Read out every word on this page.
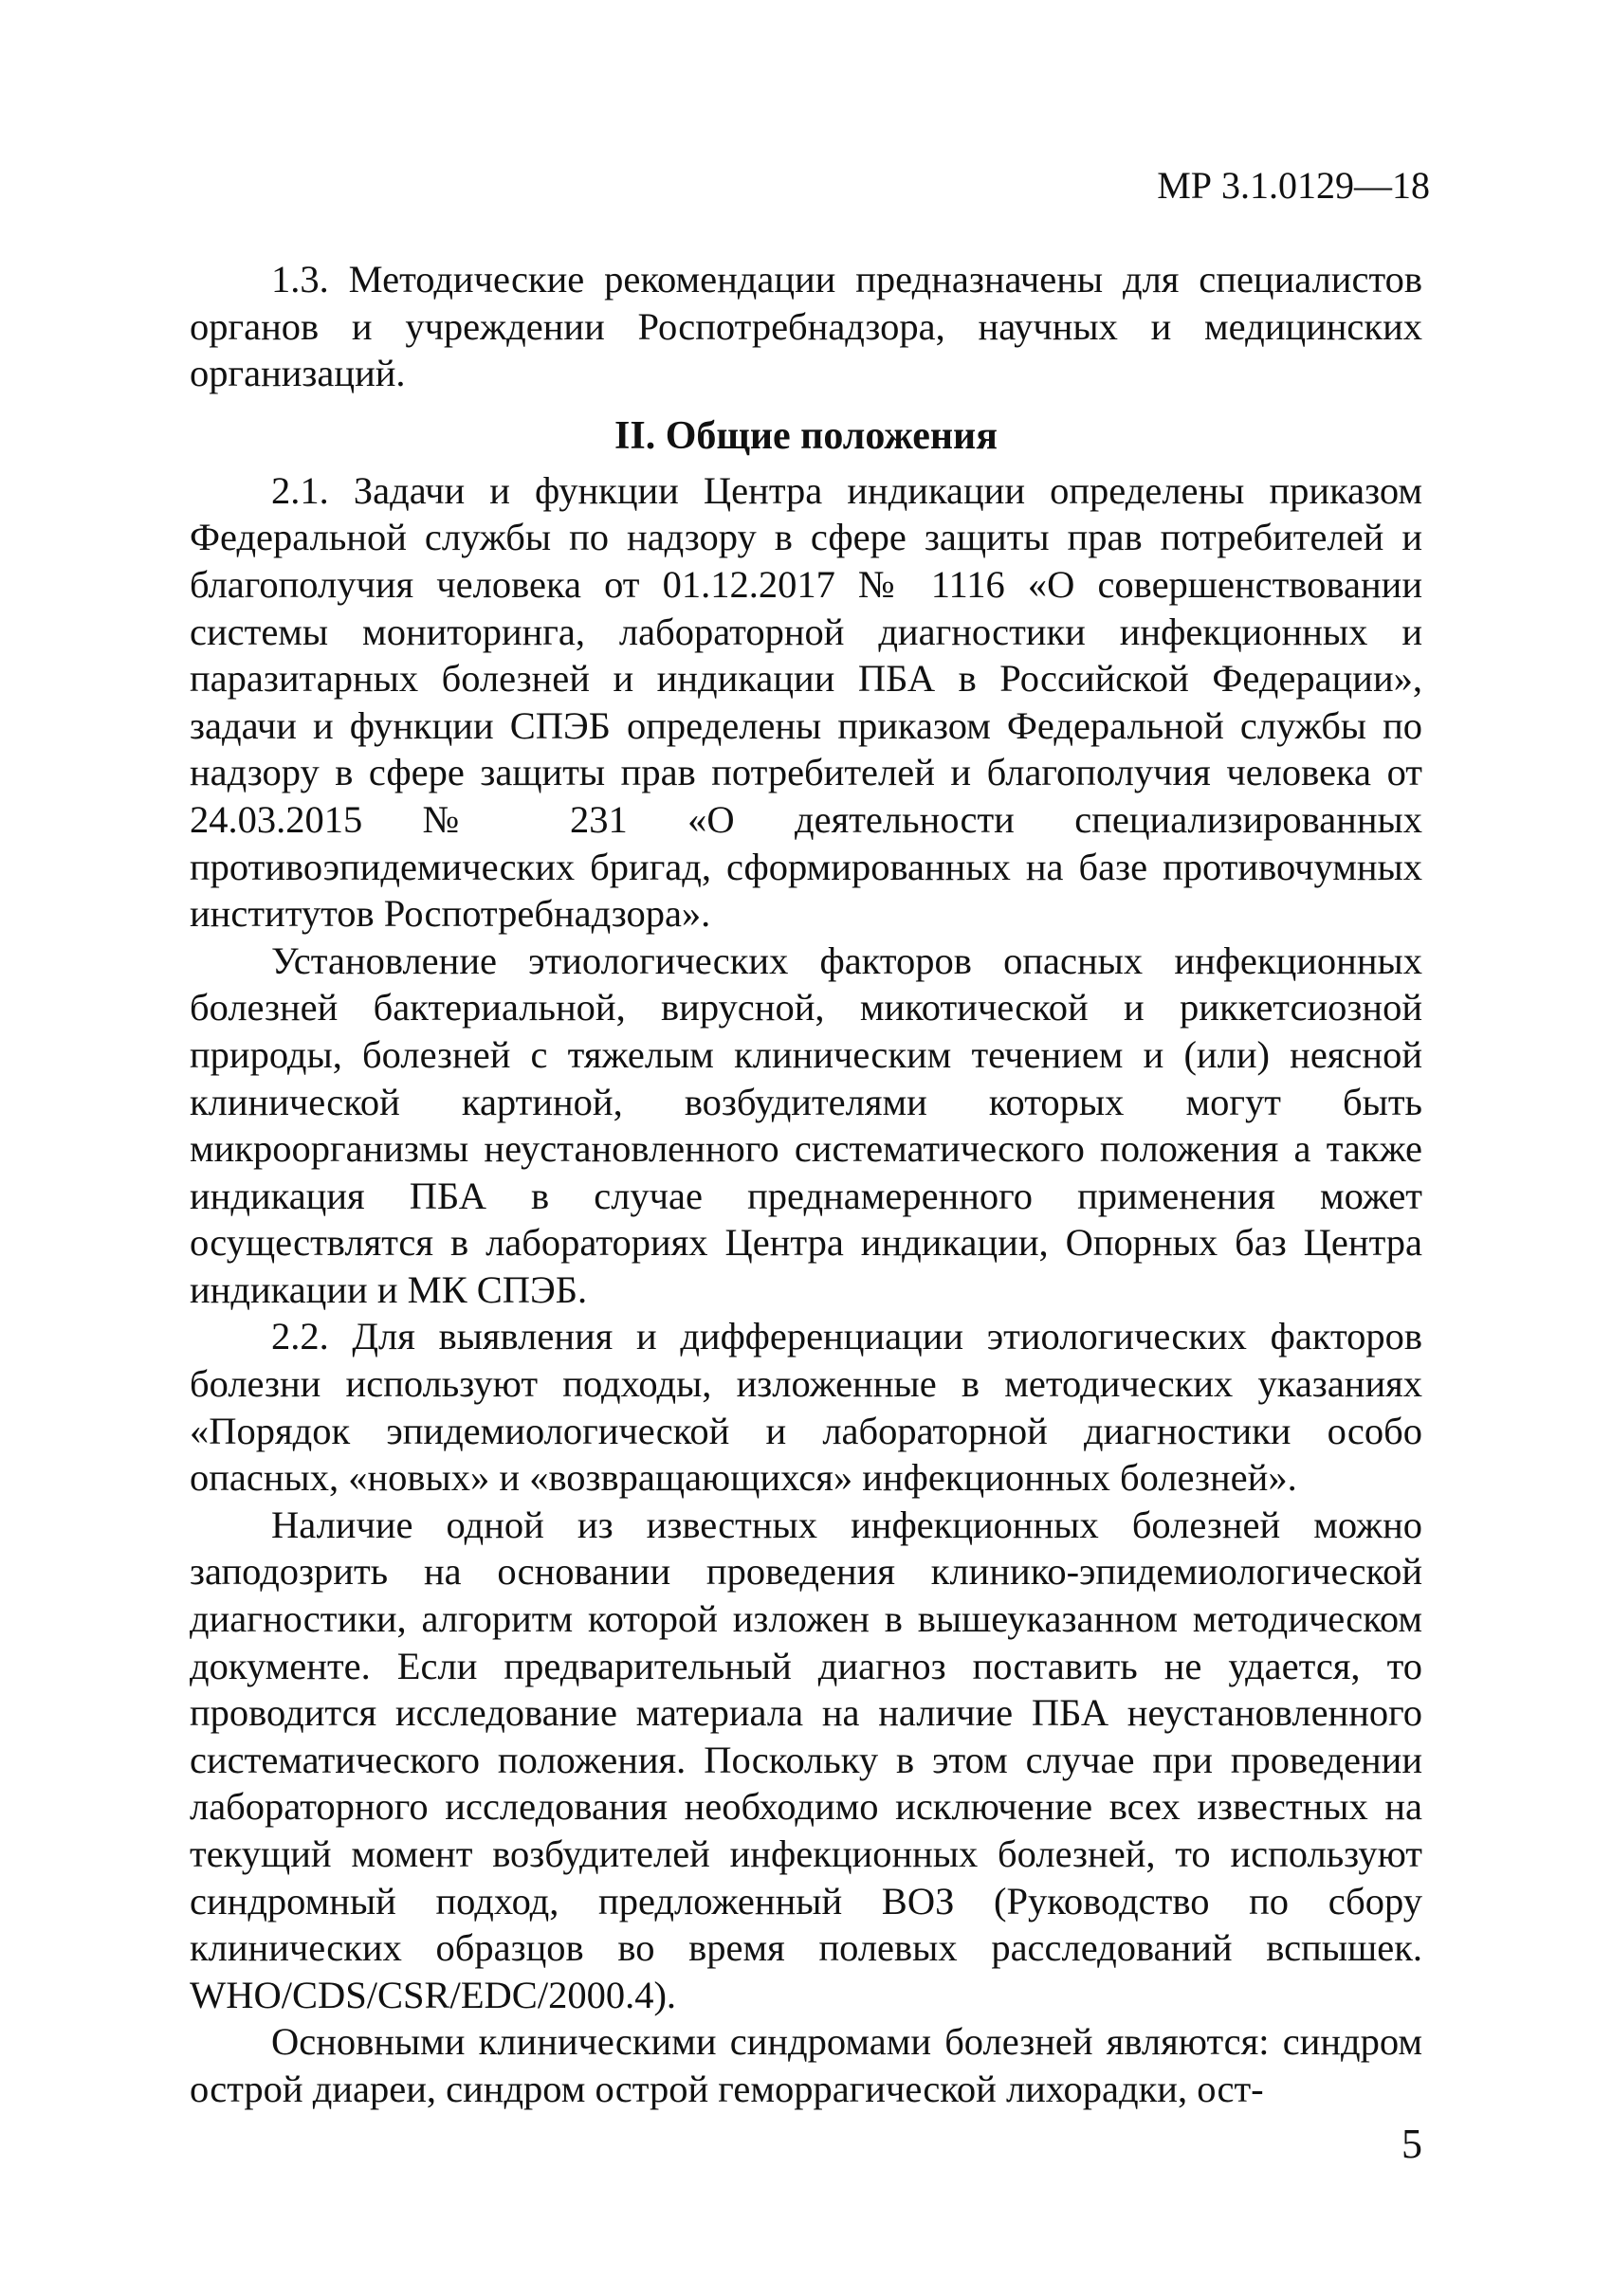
МР 3.1.0129—18

1.3. Методические рекомендации предназначены для специалистов органов и учреждении Роспотребнадзора, научных и медицинских организаций.

II. Общие положения

2.1. Задачи и функции Центра индикации определены приказом Федеральной службы по надзору в сфере защиты прав потребителей и благополучия человека от 01.12.2017 № 1116 «О совершенствовании системы мониторинга, лабораторной диагностики инфекционных и паразитарных болезней и индикации ПБА в Российской Федерации», задачи и функции СПЭБ определены приказом Федеральной службы по надзору в сфере защиты прав потребителей и благополучия человека от 24.03.2015 № 231 «О деятельности специализированных противоэпидемических бригад, сформированных на базе противочумных институтов Роспотребнадзора».

Установление этиологических факторов опасных инфекционных болезней бактериальной, вирусной, микотической и риккетсиозной природы, болезней с тяжелым клиническим течением и (или) неясной клинической картиной, возбудителями которых могут быть микроорганизмы неустановленного систематического положения а также индикация ПБА в случае преднамеренного применения может осуществлятся в лабораториях Центра индикации, Опорных баз Центра индикации и МК СПЭБ.

2.2. Для выявления и дифференциации этиологических факторов болезни используют подходы, изложенные в методических указаниях «Порядок эпидемиологической и лабораторной диагностики особо опасных, «новых» и «возвращающихся» инфекционных болезней».

Наличие одной из известных инфекционных болезней можно заподозрить на основании проведения клинико-эпидемиологической диагностики, алгоритм которой изложен в вышеуказанном методическом документе. Если предварительный диагноз поставить не удается, то проводится исследование материала на наличие ПБА неустановленного систематического положения. Поскольку в этом случае при проведении лабораторного исследования необходимо исключение всех известных на текущий момент возбудителей инфекционных болезней, то используют синдромный подход, предложенный ВОЗ (Руководство по сбору клинических образцов во время полевых расследований вспышек. WHO/CDS/CSR/EDC/2000.4).

Основными клиническими синдромами болезней являются: синдром острой диареи, синдром острой геморрагической лихорадки, ост-

5
